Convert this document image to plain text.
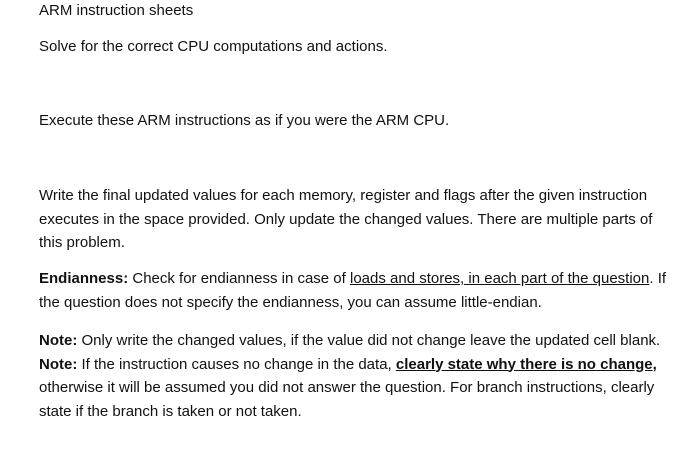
ARM instruction sheets

Solve for the correct CPU computations and actions.

Execute these ARM instructions as if you were the ARM CPU.

Write the final updated values for each memory, register and flags after the given instruction executes in the space provided. Only update the changed values. There are multiple parts of this problem.

Endianness: Check for endianness in case of loads and stores, in each part of the question. If the question does not specify the endianness, you can assume little-endian.

Note: Only write the changed values, if the value did not change leave the updated cell blank.
Note: If the instruction causes no change in the data, clearly state why there is no change, otherwise it will be assumed you did not answer the question. For branch instructions, clearly state if the branch is taken or not taken.
